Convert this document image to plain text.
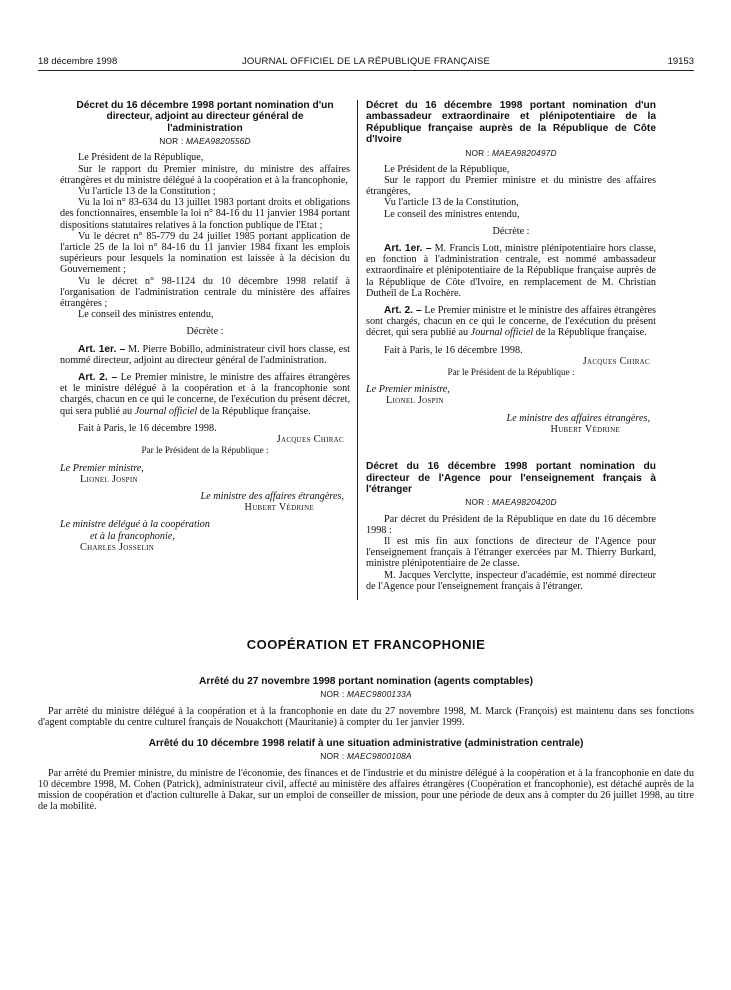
18 décembre 1998	JOURNAL OFFICIEL DE LA RÉPUBLIQUE FRANÇAISE	19153

Décret du 16 décembre 1998 portant nomination d'un directeur, adjoint au directeur général de l'administration

NOR : MAEA9820556D

Le Président de la République,

Sur le rapport du Premier ministre, du ministre des affaires étrangères et du ministre délégué à la coopération et à la francophonie,

Vu l'article 13 de la Constitution ;

Vu la loi n° 83-634 du 13 juillet 1983 portant droits et obligations des fonctionnaires, ensemble la loi n° 84-16 du 11 janvier 1984 portant dispositions statutaires relatives à la fonction publique de l'Etat ;

Vu le décret n° 85-779 du 24 juillet 1985 portant application de l'article 25 de la loi n° 84-16 du 11 janvier 1984 fixant les emplois supérieurs pour lesquels la nomination est laissée à la décision du Gouvernement ;

Vu le décret n° 98-1124 du 10 décembre 1998 relatif à l'organisation de l'administration centrale du ministère des affaires étrangères ;

Le conseil des ministres entendu,

Décrète :

Art. 1er. – M. Pierre Bobillo, administrateur civil hors classe, est nommé directeur, adjoint au directeur général de l'administration.

Art. 2. – Le Premier ministre, le ministre des affaires étrangères et le ministre délégué à la coopération et à la francophonie sont chargés, chacun en ce qui le concerne, de l'exécution du présent décret, qui sera publié au Journal officiel de la République française.

Fait à Paris, le 16 décembre 1998.

Jacques Chirac

Par le Président de la République :

Le Premier ministre,

Lionel Jospin

Le ministre des affaires étrangères,

Hubert Védrine

Le ministre délégué à la coopération

et à la francophonie,

Charles Josselin

Décret du 16 décembre 1998 portant nomination d'un ambassadeur extraordinaire et plénipotentiaire de la République française auprès de la République de Côte d'Ivoire

NOR : MAEA9820497D

Le Président de la République,

Sur le rapport du Premier ministre et du ministre des affaires étrangères,

Vu l'article 13 de la Constitution,

Le conseil des ministres entendu,

Décrète :

Art. 1er. – M. Francis Lott, ministre plénipotentiaire hors classe, en fonction à l'administration centrale, est nommé ambassadeur extraordinaire et plénipotentiaire de la République française auprès de la République de Côte d'Ivoire, en remplacement de M. Christian Dutheil de La Rochère.

Art. 2. – Le Premier ministre et le ministre des affaires étrangères sont chargés, chacun en ce qui le concerne, de l'exécution du présent décret, qui sera publié au Journal officiel de la République française.

Fait à Paris, le 16 décembre 1998.

Jacques Chirac

Par le Président de la République :

Le Premier ministre,

Lionel Jospin

Le ministre des affaires étrangères,

Hubert Védrine

Décret du 16 décembre 1998 portant nomination du directeur de l'Agence pour l'enseignement français à l'étranger

NOR : MAEA9820420D

Par décret du Président de la République en date du 16 décembre 1998 :

Il est mis fin aux fonctions de directeur de l'Agence pour l'enseignement français à l'étranger exercées par M. Thierry Burkard, ministre plénipotentiaire de 2e classe.

M. Jacques Verclytte, inspecteur d'académie, est nommé directeur de l'Agence pour l'enseignement français à l'étranger.

COOPÉRATION ET FRANCOPHONIE

Arrêté du 27 novembre 1998 portant nomination (agents comptables)

NOR : MAEC9800133A

Par arrêté du ministre délégué à la coopération et à la francophonie en date du 27 novembre 1998, M. Marck (François) est maintenu dans ses fonctions d'agent comptable du centre culturel français de Nouakchott (Mauritanie) à compter du 1er janvier 1999.

Arrêté du 10 décembre 1998 relatif à une situation administrative (administration centrale)

NOR : MAEC9800108A

Par arrêté du Premier ministre, du ministre de l'économie, des finances et de l'industrie et du ministre délégué à la coopération et à la francophonie en date du 10 décembre 1998, M. Cohen (Patrick), administrateur civil, affecté au ministère des affaires étrangères (Coopération et francophonie), est détaché auprès de la mission de coopération et d'action culturelle à Dakar, sur un emploi de conseiller de mission, pour une période de deux ans à compter du 26 juillet 1998, au titre de la mobilité.
